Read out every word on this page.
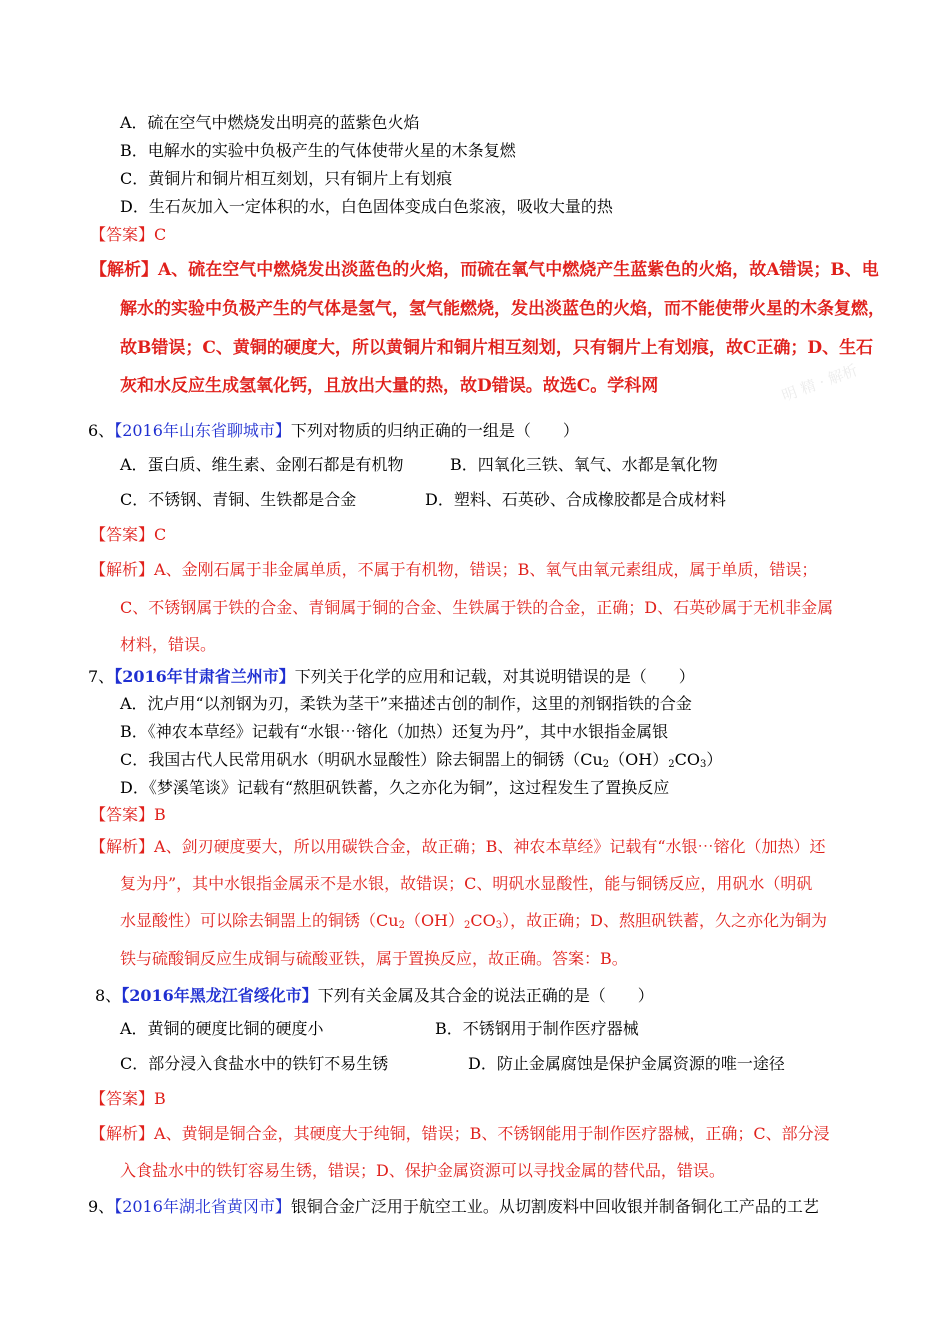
A．硫在空气中燃烧发出明亮的蓝紫色火焰
B．电解水的实验中负极产生的气体使带火星的木条复燃
C．黄铜片和铜片相互刻划，只有铜片上有划痕
D．生石灰加入一定体积的水，白色固体变成白色浆液，吸收大量的热
【答案】C
【解析】A、硫在空气中燃烧发出淡蓝色的火焰，而硫在氧气中燃烧产生蓝紫色的火焰，故A错误；B、电
解水的实验中负极产生的气体是氢气，氢气能燃烧，发出淡蓝色的火焰，而不能使带火星的木条复燃，
故B错误；C、黄铜的硬度大，所以黄铜片和铜片相互刻划，只有铜片上有划痕，故C正确；D、生石
灰和水反应生成氢氧化钙，且放出大量的热，故D错误。故选C。学科网	明 精 · 解析
6、【2016年山东省聊城市】下列对物质的归纳正确的一组是（　　）
A．蛋白质、维生素、金刚石都是有机物	B．四氧化三铁、氧气、水都是氧化物
C．不锈钢、青铜、生铁都是合金	D．塑料、石英砂、合成橡胶都是合成材料
【答案】C
【解析】A、金刚石属于非金属单质，不属于有机物，错误；B、氧气由氧元素组成，属于单质，错误；
C、不锈钢属于铁的合金、青铜属于铜的合金、生铁属于铁的合金，正确；D、石英砂属于无机非金属
材料，错误。
7、【2016年甘肃省兰州市】下列关于化学的应用和记载，对其说明错误的是（　　）
A．沈卢用“以剂钢为刃，柔铁为茎干”来描述古创的制作，这里的剂钢指铁的合金
B．《神农本草经》记载有“水银⋯镕化（加热）还复为丹”，其中水银指金属银
C．我国古代人民常用矾水（明矾水显酸性）除去铜噐上的铜锈$(Cu_2(OH)_2CO_3)$
D．《梦溪笔谈》记载有“熬胆矾铁蓄，久之亦化为铜”，这过程发生了置换反应
【答案】B
【解析】A、剑刃硬度要大，所以用碳铁合金，故正确；B、神农本草经》记载有“水银⋯镕化（加热）还
复为丹”，其中水银指金属汞不是水银，故错误；C、明矾水显酸性，能与铜锈反应，用矾水（明矾
水显酸性）可以除去铜噐上的铜锈$(Cu_2(OH)_2CO_3)$，故正确；D、熬胆矾铁蓄，久之亦化为铜为
铁与硫酸铜反应生成铜与硫酸亚铁，属于置换反应，故正确。答案：B。
8、【2016年黑龙江省绥化市】下列有关金属及其合金的说法正确的是（　　）
A．黄铜的硬度比铜的硬度小	B．不锈钢用于制作医疗器械
C．部分浸入食盐水中的铁钉不易生锈	D．防止金属腐蚀是保护金属资源的唯一途径
【答案】B
【解析】A、黄铜是铜合金，其硬度大于纯铜，错误；B、不锈钢能用于制作医疗器械，正确；C、部分浸
入食盐水中的铁钉容易生锈，错误；D、保护金属资源可以寻找金属的替代品，错误。
9、【2016年湖北省黄冈市】银铜合金广泛用于航空工业。从切割废料中回收银并制备铜化工产品的工艺
